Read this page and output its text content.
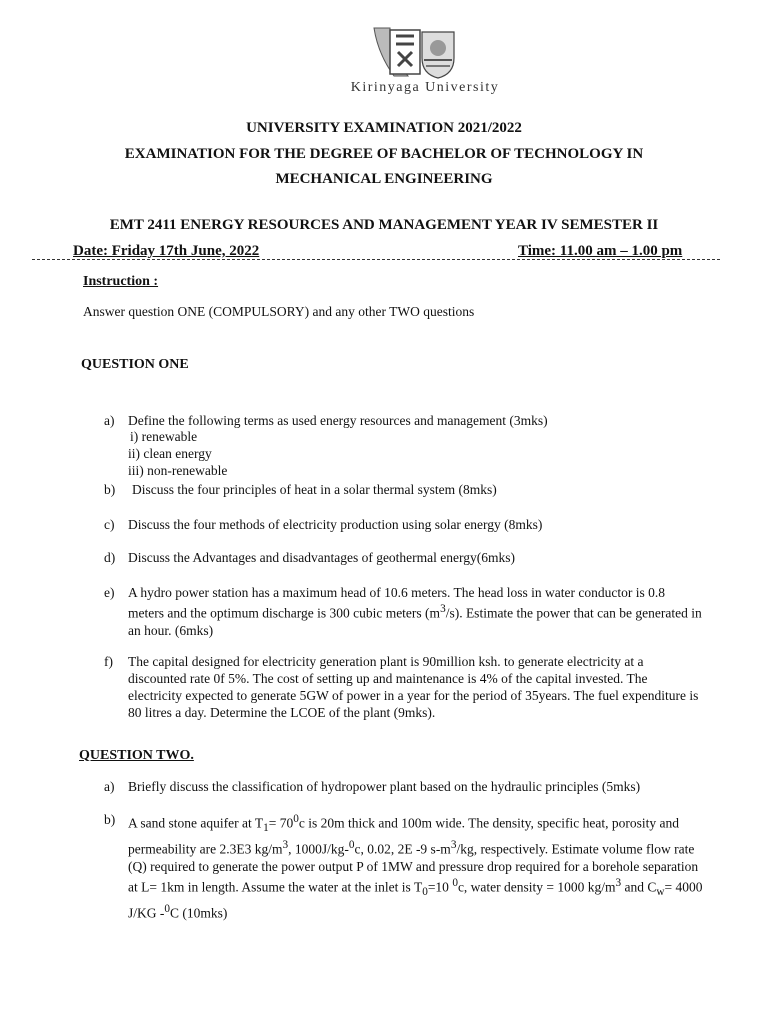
Kirinyaga University
UNIVERSITY EXAMINATION 2021/2022
EXAMINATION FOR THE DEGREE OF BACHELOR OF TECHNOLOGY IN
MECHANICAL ENGINEERING
EMT 2411 ENERGY RESOURCES AND MANAGEMENT YEAR IV SEMESTER II
Date: Friday 17th June, 2022	Time: 11.00 am – 1.00 pm
Instruction :
Answer question ONE (COMPULSORY) and any other TWO questions
QUESTION ONE
a) Define the following terms as used energy resources and management (3mks)
i) renewable
ii) clean energy
iii) non-renewable
b) Discuss the four principles of heat in a solar thermal system (8mks)
c) Discuss the four methods of electricity production using solar energy (8mks)
d) Discuss the Advantages and disadvantages of geothermal energy(6mks)
e) A hydro power station has a maximum head of 10.6 meters. The head loss in water conductor is 0.8 meters and the optimum discharge is 300 cubic meters $(m^3/s)$. Estimate the power that can be generated in an hour. (6mks)
f) The capital designed for electricity generation plant is 90million ksh. to generate electricity at a discounted rate 0f 5%. The cost of setting up and maintenance is 4% of the capital invested. The electricity expected to generate 5GW of power in a year for the period of 35years. The fuel expenditure is 80 litres a day. Determine the LCOE of the plant (9mks).
QUESTION TWO.
a) Briefly discuss the classification of hydropower plant based on the hydraulic principles (5mks)
b) A sand stone aquifer at $T_1= 70^0c$ is 20m thick and 100m wide. The density, specific heat, porosity and permeability are 2.3E3 $kg/m^3$, 1000J/kg-$^0$c, 0.02, 2E -9 $s-m^3/kg$, respectively. Estimate volume flow rate (Q) required to generate the power output P of 1MW and pressure drop required for a borehole separation at L= 1km in length. Assume the water at the inlet is $T_0=10$ $^0$c, water density = 1000 $kg/m^3$ and $C_w= 4000$ J/KG -$^0$C (10mks)
